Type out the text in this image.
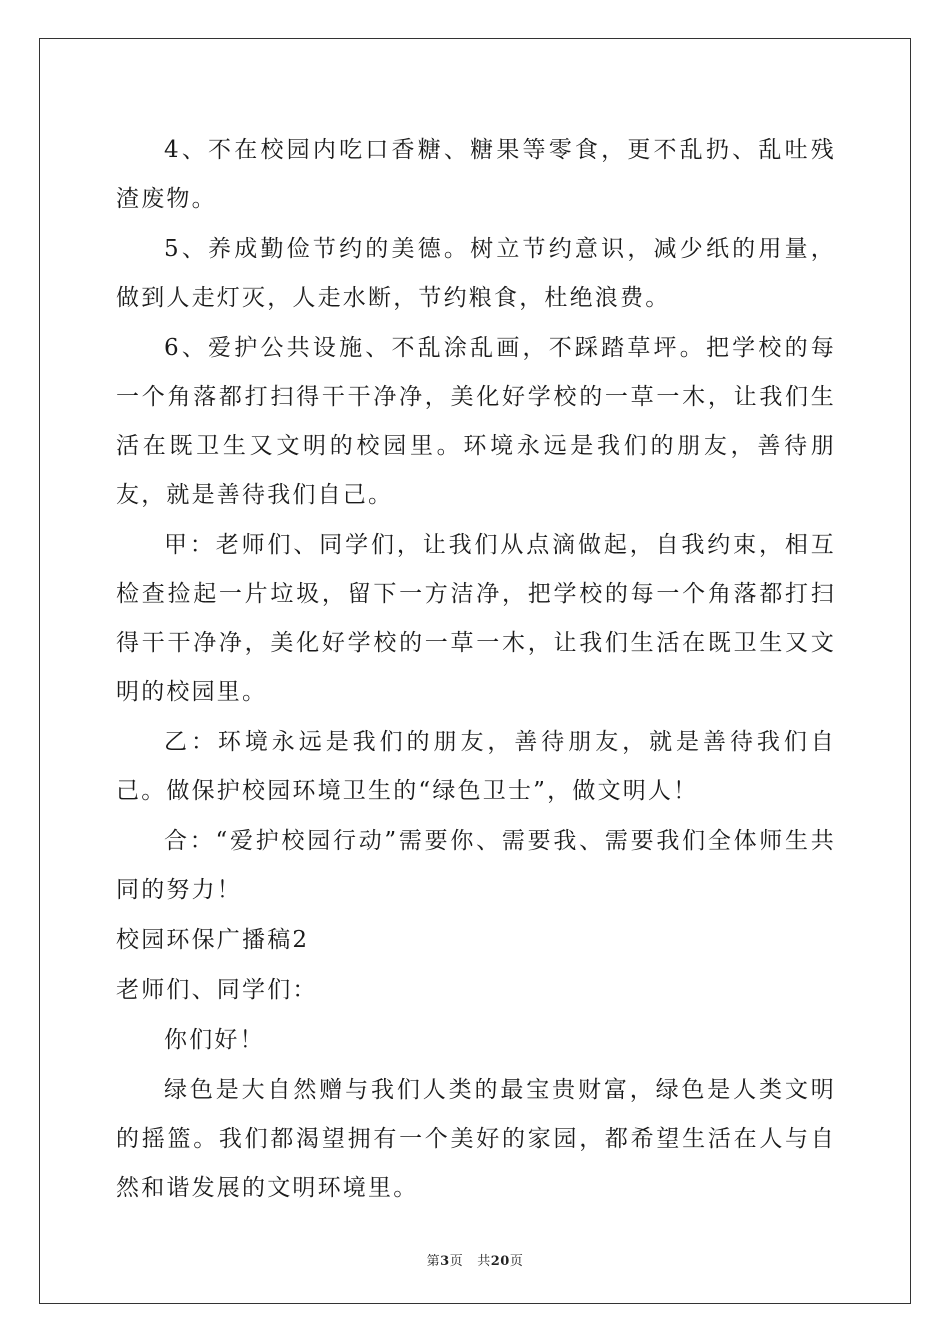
4、不在校园内吃口香糖、糖果等零食，更不乱扔、乱吐残渣废物。

5、养成勤俭节约的美德。树立节约意识，减少纸的用量，做到人走灯灭，人走水断，节约粮食，杜绝浪费。

6、爱护公共设施、不乱涂乱画，不踩踏草坪。把学校的每一个角落都打扫得干干净净，美化好学校的一草一木，让我们生活在既卫生又文明的校园里。环境永远是我们的朋友，善待朋友，就是善待我们自己。

甲：老师们、同学们，让我们从点滴做起，自我约束，相互检查捡起一片垃圾，留下一方洁净，把学校的每一个角落都打扫得干干净净，美化好学校的一草一木，让我们生活在既卫生又文明的校园里。

乙：环境永远是我们的朋友，善待朋友，就是善待我们自己。做保护校园环境卫生的“绿色卫士”，做文明人！

合：“爱护校园行动”需要你、需要我、需要我们全体师生共同的努力！

校园环保广播稿2

老师们、同学们：

你们好！

绿色是大自然赠与我们人类的最宝贵财富，绿色是人类文明的摇篮。我们都渴望拥有一个美好的家园，都希望生活在人与自然和谐发展的文明环境里。

第3页 共20页
